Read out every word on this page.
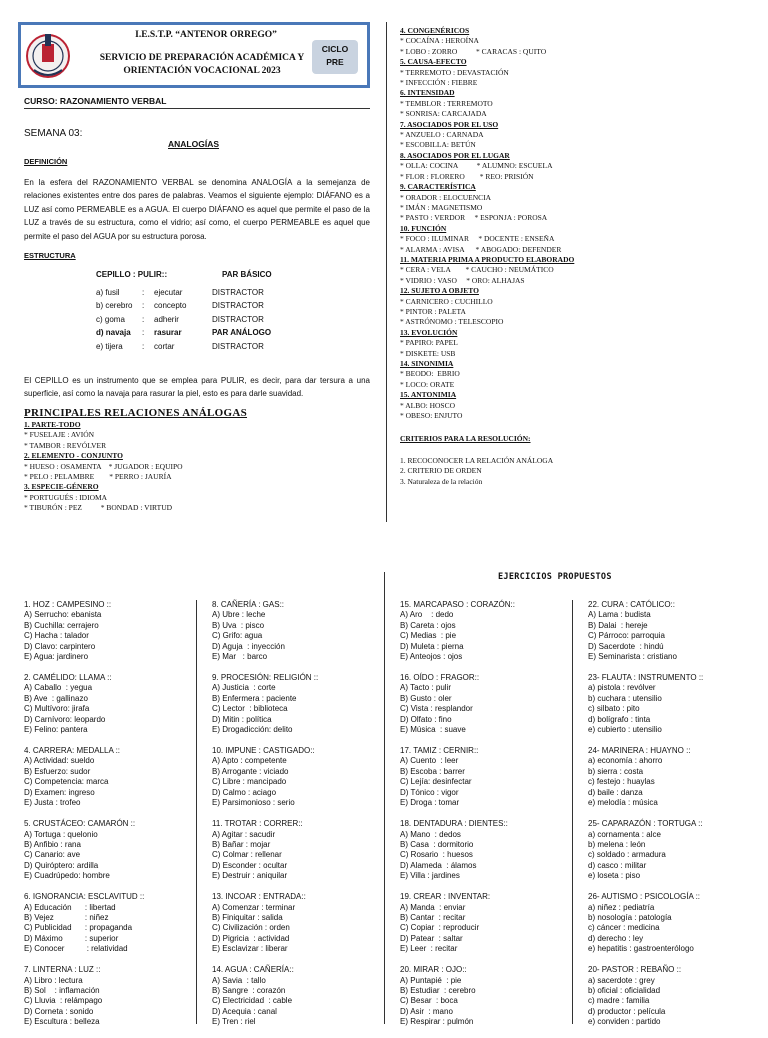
I.E.S.T.P. “ANTENOR ORREGO”
SERVICIO DE PREPARACIÓN ACADÉMICA Y
ORIENTACIÓN VOCACIONAL 2023
CICLO
PRE
CURSO: RAZONAMIENTO VERBAL
SEMANA 03:
ANALOGÍAS
DEFINICIÓN
En la esfera del RAZONAMIENTO VERBAL se denomina ANALOGÍA a la semejanza de relaciones existentes entre dos pares de palabras. Veamos el siguiente ejemplo: DIÁFANO es a LUZ así como PERMEABLE es a AGUA. El cuerpo DIÁFANO es aquel que permite el paso de la LUZ a través de su estructura, como el vidrio; así como, el cuerpo PERMEABLE es aquel que permite el paso del AGUA por su estructura porosa.
ESTRUCTURA
CEPILLO : PULIR::	PAR BÁSICO
a) fusil	: ejecutar	DISTRACTOR
b) cerebro : concepto	DISTRACTOR
c) goma : adherir	DISTRACTOR
d) navaja : rasurar	PAR ANÁLOGO
e) tijera : cortar	DISTRACTOR
El CEPILLO es un instrumento que se emplea para PULIR, es decir, para dar tersura a una superficie, así como la navaja para rasurar la piel, esto es para darle suavidad.
PRINCIPALES RELACIONES ANÁLOGAS
1. PARTE-TODO
* FUSELAJE : AVIÓN
* TAMBOR : REVÓLVER
2. ELEMENTO - CONJUNTO
* HUESO : OSAMENTA    * JUGADOR : EQUIPO
* PELO : PELAMBRE        * PERRO : JAURÍA
3. ESPECIE-GÉNERO
* PORTUGUÉS : IDIOMA
* TIBURÓN : PEZ          * BONDAD : VIRTUD
4. CONGENÉRICOS
* COCAÍNA : HEROÍNA
* LOBO : ZORRO          * CARACAS : QUITO
5. CAUSA-EFECTO
* TERREMOTO : DEVASTACIÓN
* INFECCIÓN : FIEBRE
6. INTENSIDAD
* TEMBLOR : TERREMOTO
* SONRISA: CARCAJADA
7. ASOCIADOS POR EL USO
* ANZUELO : CARNADA
* ESCOBILLA: BETÚN
8. ASOCIADOS POR EL LUGAR
* OLLA: COCINA          * ALUMNO: ESCUELA
* FLOR : FLORERO        * REO: PRISIÓN
9. CARACTERÍSTICA
* ORADOR : ELOCUENCIA
* IMÁN : MAGNETISMO
* PASTO : VERDOR     * ESPONJA : POROSA
10. FUNCIÓN
* FOCO : ILUMINAR     * DOCENTE : ENSEÑA
* ALARMA : AVISA      * ABOGADO: DEFENDER
11. MATERIA PRIMA A PRODUCTO ELABORADO
* CERA : VELA        * CAUCHO : NEUMÁTICO
* VIDRIO : VASO     * ORO: ALHAJAS
12. SUJETO A OBJETO
* CARNICERO : CUCHILLO
* PINTOR : PALETA
* ASTRÓNOMO : TELESCOPIO
13. EVOLUCIÓN
* PAPIRO: PAPEL
* DISKETE: USB
14. SINONIMIA
* BEODO:  EBRIO
* LOCO: ORATE
15. ANTONIMIA
* ALBO: HOSCO
* OBESO: ENJUTO
CRITERIOS PARA LA RESOLUCIÓN:
1. RECOCONOCER LA RELACIÓN ANÁLOGA
2. CRITERIO DE ORDEN
3. Naturaleza de la relación
EJERCICIOS PROPUESTOS
1. HOZ : CAMPESINO ::
A) Serrucho: ebanista
B) Cuchilla: cerrajero
C) Hacha : talador
D) Clavo: carpintero
E) Agua: jardinero
2. CAMÉLIDO: LLAMA ::
A) Caballo  : yegua
B) Ave  : gallinazo
C) Multívoro: jirafa
D) Carnívoro: leopardo
E) Felino: pantera
4. CARRERA: MEDALLA ::
A) Actividad: sueldo
B) Esfuerzo: sudor
C) Competencia: marca
D) Examen: ingreso
E) Justa : trofeo
5. CRUSTÁCEO: CAMARÓN ::
A) Tortuga : quelonio
B) Anfibio : rana
C) Canario: ave
D) Quiróptero: ardilla
E) Cuadrúpedo: hombre
6. IGNORANCIA: ESCLAVITUD ::
A) Educación      : libertad
B) Vejez              : niñez
C) Publicidad      : propaganda
D) Máximo          : superior
E) Conocer          : relatividad
7. LINTERNA : LUZ ::
A) Libro : lectura
B) Sol    : inflamación
C) Lluvia  : relámpago
D) Corneta : sonido
E) Escultura : belleza
8. CAÑERÍA : GAS::
A) Ubre : leche
B) Uva  : pisco
C) Grifo: agua
D) Aguja  : inyección
E) Mar   : barco
9. PROCESIÓN: RELIGIÓN ::
A) Justicia  : corte
B) Enfermera : paciente
C) Lector  : biblioteca
D) Mitin : política
E) Drogadicción: delito
10. IMPUNE : CASTIGADO::
A) Apto : competente
B) Arrogante : viciado
C) Libre : mancipado
D) Calmo : aciago
E) Parsimonioso : serio
11. TROTAR : CORRER::
A) Agitar : sacudir
B) Bañar : mojar
C) Colmar : rellenar
D) Esconder : ocultar
E) Destruir : aniquilar
13. INCOAR : ENTRADA::
A) Comenzar : terminar
B) Finiquitar : salida
C) Civilización : orden
D) Pigricia  : actividad
E) Esclavizar : liberar
14. AGUA : CAÑERÍA::
A) Savia  : tallo
B) Sangre  : corazón
C) Electricidad  : cable
D) Acequia : canal
E) Tren : riel
15. MARCAPASO : CORAZÓN::
A) Aro    : dedo
B) Careta : ojos
C) Medias  : pie
D) Muleta : pierna
E) Anteojos : ojos
16. OÍDO : FRAGOR::
A) Tacto : pulir
B) Gusto : oler
C) Vista : resplandor
D) Olfato : fino
E) Música  : suave
17. TAMIZ : CERNIR::
A) Cuento  : leer
B) Escoba : barrer
C) Lejía: desinfectar
D) Tónico : vigor
E) Droga : tomar
18. DENTADURA : DIENTES::
A) Mano  : dedos
B) Casa  : dormitorio
C) Rosario  : huesos
D) Alameda  : álamos
E) Villa : jardines
19. CREAR : INVENTAR:
A) Manda  : enviar
B) Cantar  : recitar
C) Copiar  : reproducir
D) Patear  : saltar
E) Leer  : recitar
20. MIRAR : OJO::
A) Puntapié  : pie
B) Estudiar  : cerebro
C) Besar  : boca
D) Asir  : mano
E) Respirar : pulmón
22. CURA : CATÓLICO::
A) Lama : budista
B) Dalai  : hereje
C) Párroco: parroquia
D) Sacerdote  : hindú
E) Seminarista : cristiano
23- FLAUTA : INSTRUMENTO ::
a) pistola : revólver
b) cuchara : utensilio
c) silbato : pito
d) bolígrafo : tinta
e) cubierto : utensilio
24- MARINERA : HUAYNO ::
a) economía : ahorro
b) sierra : costa
c) festejo : huaylas
d) baile : danza
e) melodía : música
25- CAPARAZÓN : TORTUGA ::
a) cornamenta : alce
b) melena : león
c) soldado : armadura
d) casco : militar
e) loseta : piso
26- AUTISMO : PSICOLOGÍA ::
a) niñez : pediatría
b) nosología : patología
c) cáncer : medicina
d) derecho : ley
e) hepatitis : gastroenterólogo
20- PASTOR : REBAÑO ::
a) sacerdote : grey
b) oficial : oficialidad
c) madre : familia
d) productor : película
e) conviden : partido
